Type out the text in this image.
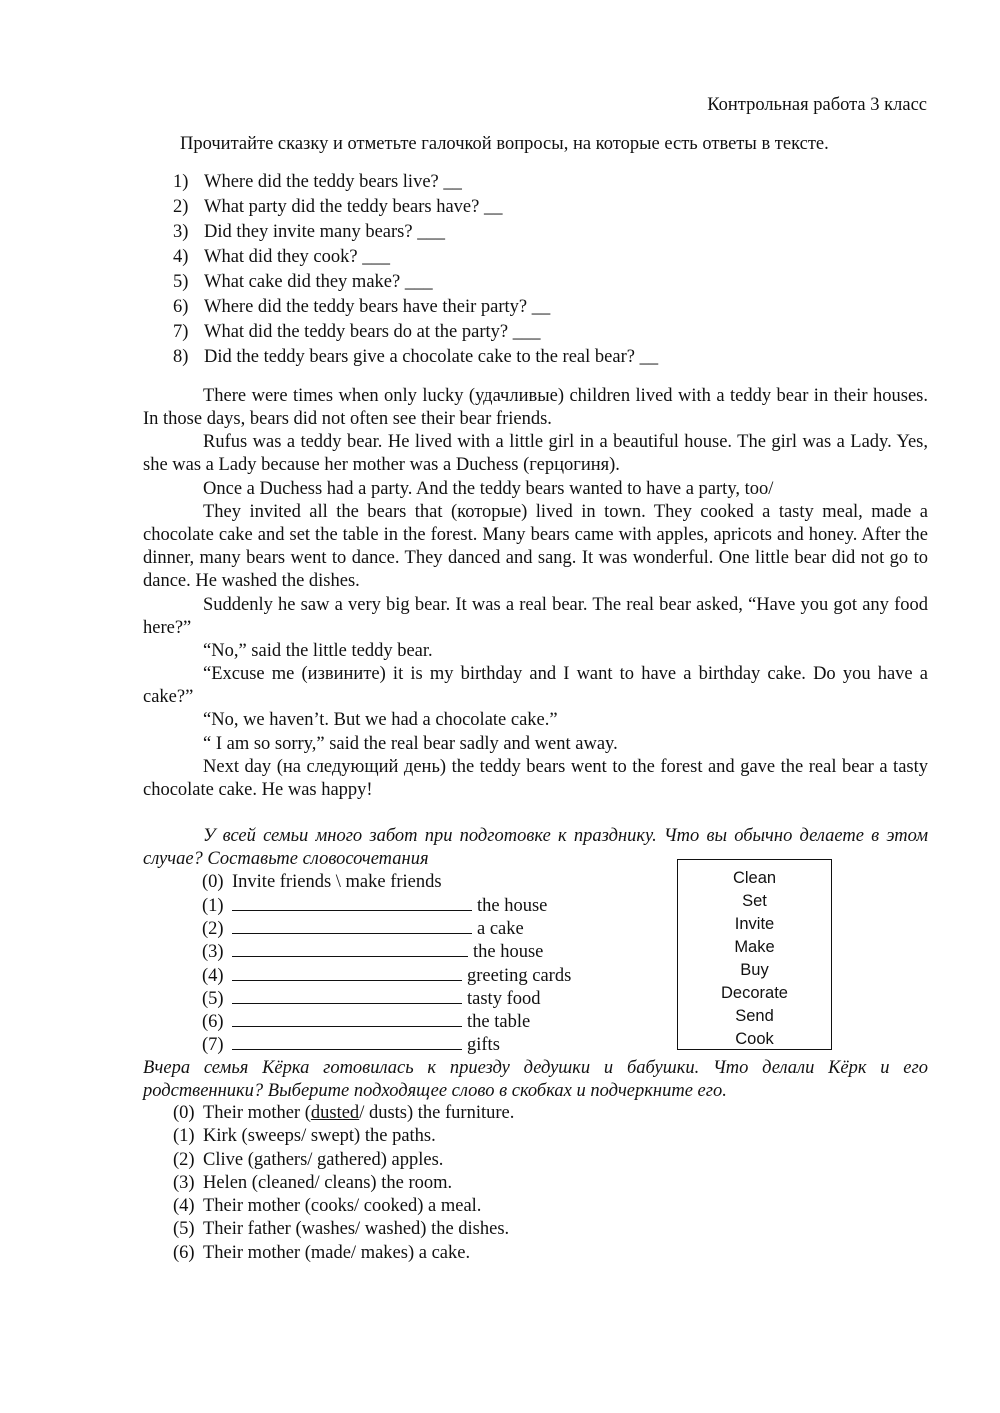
Контрольная работа 3 класс
Прочитайте сказку и отметьте галочкой вопросы, на которые есть ответы в тексте.
1) Where did the teddy bears live? __
2) What party did the teddy bears have? __
3) Did they invite many bears? ___
4) What did they cook? ___
5) What cake did they make? ___
6) Where did the teddy bears have their party? __
7) What did the teddy bears do at the party? ___
8) Did the teddy bears give a chocolate cake to the real bear? __
There were times when only lucky (удачливые) children lived with a teddy bear in their houses. In those days, bears did not often see their bear friends.
Rufus was a teddy bear. He lived with a little girl in a beautiful house. The girl was a Lady. Yes, she was a Lady because her mother was a Duchess (герцогиня).
Once a Duchess had a party. And the teddy bears wanted to have a party, too/
They invited all the bears that (которые) lived in town. They cooked a tasty meal, made a chocolate cake and set the table in the forest. Many bears came with apples, apricots and honey. After the dinner, many bears went to dance. They danced and sang. It was wonderful. One little bear did not go to dance. He washed the dishes.
Suddenly he saw a very big bear. It was a real bear. The real bear asked, “Have you got any food here?”
“No,” said the little teddy bear.
“Excuse me (извините) it is my birthday and I want to have a birthday cake. Do you have a cake?”
“No, we haven’t. But we had a chocolate cake.”
“ I am so sorry,” said the real bear sadly and went away.
Next day (на следующий день) the teddy bears went to the forest and gave the real bear a tasty chocolate cake. He was happy!
У всей семьи много забот при подготовке к празднику. Что вы обычно делаете в этом случае? Составьте словосочетания
(0) Invite friends \ make friends
(1)	the house
(2)	a cake
(3)	the house
(4)	greeting cards
(5)	tasty food
(6)	the table
(7)	gifts
Clean
Set
Invite
Make
Buy
Decorate
Send
Cook
Вчера семья Кёрка готовилась к приезду дедушки и бабушки. Что делали Кёрк и его родственники? Выберите подходящее слово в скобках и подчеркните его.
(0) Their mother (dusted/ dusts) the furniture.
(1) Kirk (sweeps/ swept) the paths.
(2) Clive (gathers/ gathered) apples.
(3) Helen (cleaned/ cleans) the room.
(4) Their mother (cooks/ cooked) a meal.
(5) Their father (washes/ washed) the dishes.
(6) Their mother (made/ makes) a cake.
